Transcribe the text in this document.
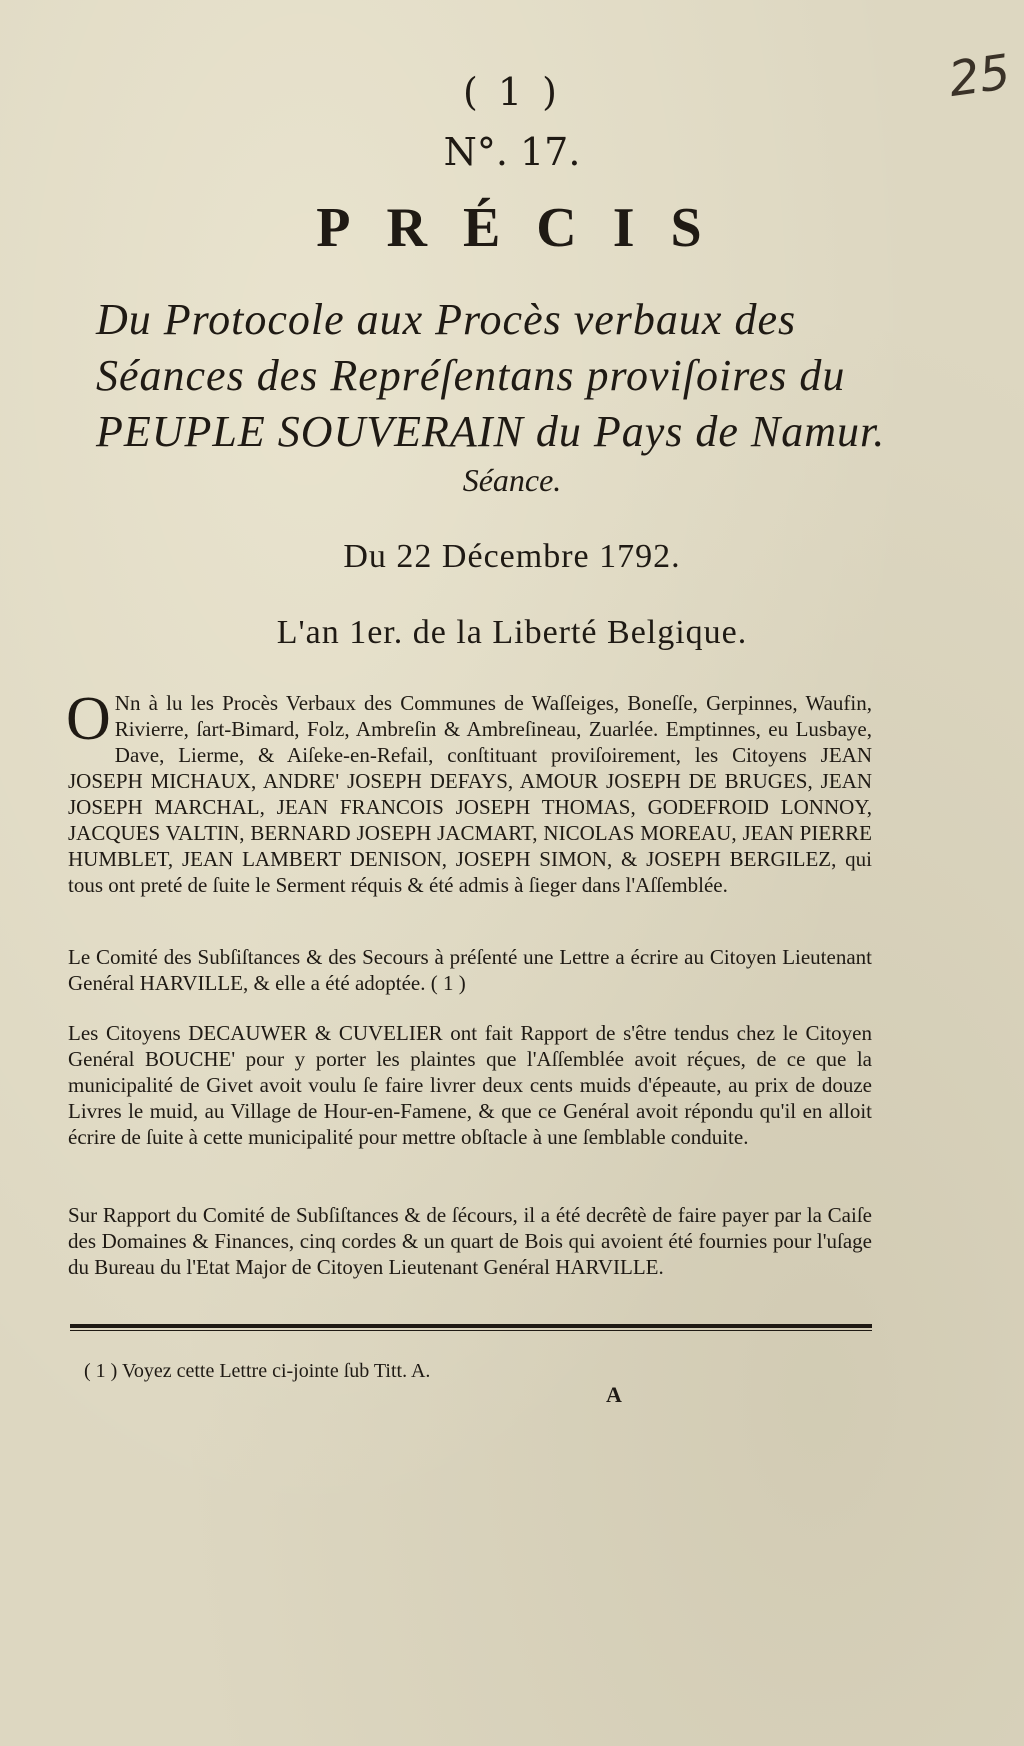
( 1 )
N°. 17.
25
PRÉCIS
Du Protocole aux Procès verbaux des Séances des Repréſentans proviſoires du PEUPLE SOUVERAIN du Pays de Namur.
Séance.
Du 22 Décembre 1792.
L'an 1er. de la Liberté Belgique.
O Nn à lu les Procès Verbaux des Communes de Waſſeiges, Boneſſe, Gerpinnes, Waufin, Rivierre, ſart-Bimard, Folz, Ambreſin & Ambreſineau, Zuarlée. Emptinnes, eu Lusbaye, Dave, Lierme, & Aiſeke-en-Refail, conſtituant proviſoirement, les Citoyens JEAN JOSEPH MICHAUX, ANDRE' JOSEPH DEFAYS, AMOUR JOSEPH DE BRUGES, JEAN JOSEPH MARCHAL, JEAN FRANCOIS JOSEPH THOMAS, GODEFROID LONNOY, JACQUES VALTIN, BERNARD JOSEPH JACMART, NICOLAS MOREAU, JEAN PIERRE HUMBLET, JEAN LAMBERT DENISON, JOSEPH SIMON, & JOSEPH BERGILEZ, qui tous ont preté de ſuite le Serment réquis & été admis à ſieger dans l'Aſſemblée.
Le Comité des Subſiſtances & des Secours à préſenté une Lettre a écrire au Citoyen Lieutenant Genéral HARVILLE, & elle a été adoptée. ( 1 )
Les Citoyens DECAUWER & CUVELIER ont fait Rapport de s'être tendus chez le Citoyen Genéral BOUCHE' pour y porter les plaintes que l'Aſſemblée avoit réçues, de ce que la municipalité de Givet avoit voulu ſe faire livrer deux cents muids d'épeaute, au prix de douze Livres le muid, au Village de Hour-en-Famene, & que ce Genéral avoit répondu qu'il en alloit écrire de ſuite à cette municipalité pour mettre obſtacle à une ſemblable conduite.
Sur Rapport du Comité de Subſiſtances & de ſécours, il a été decrêtè de faire payer par la Caiſe des Domaines & Finances, cinq cordes & un quart de Bois qui avoient été fournies pour l'uſage du Bureau du l'Etat Major de Citoyen Lieutenant Genéral HARVILLE.
( 1 ) Voyez cette Lettre ci-jointe ſub Titt. A.
A
